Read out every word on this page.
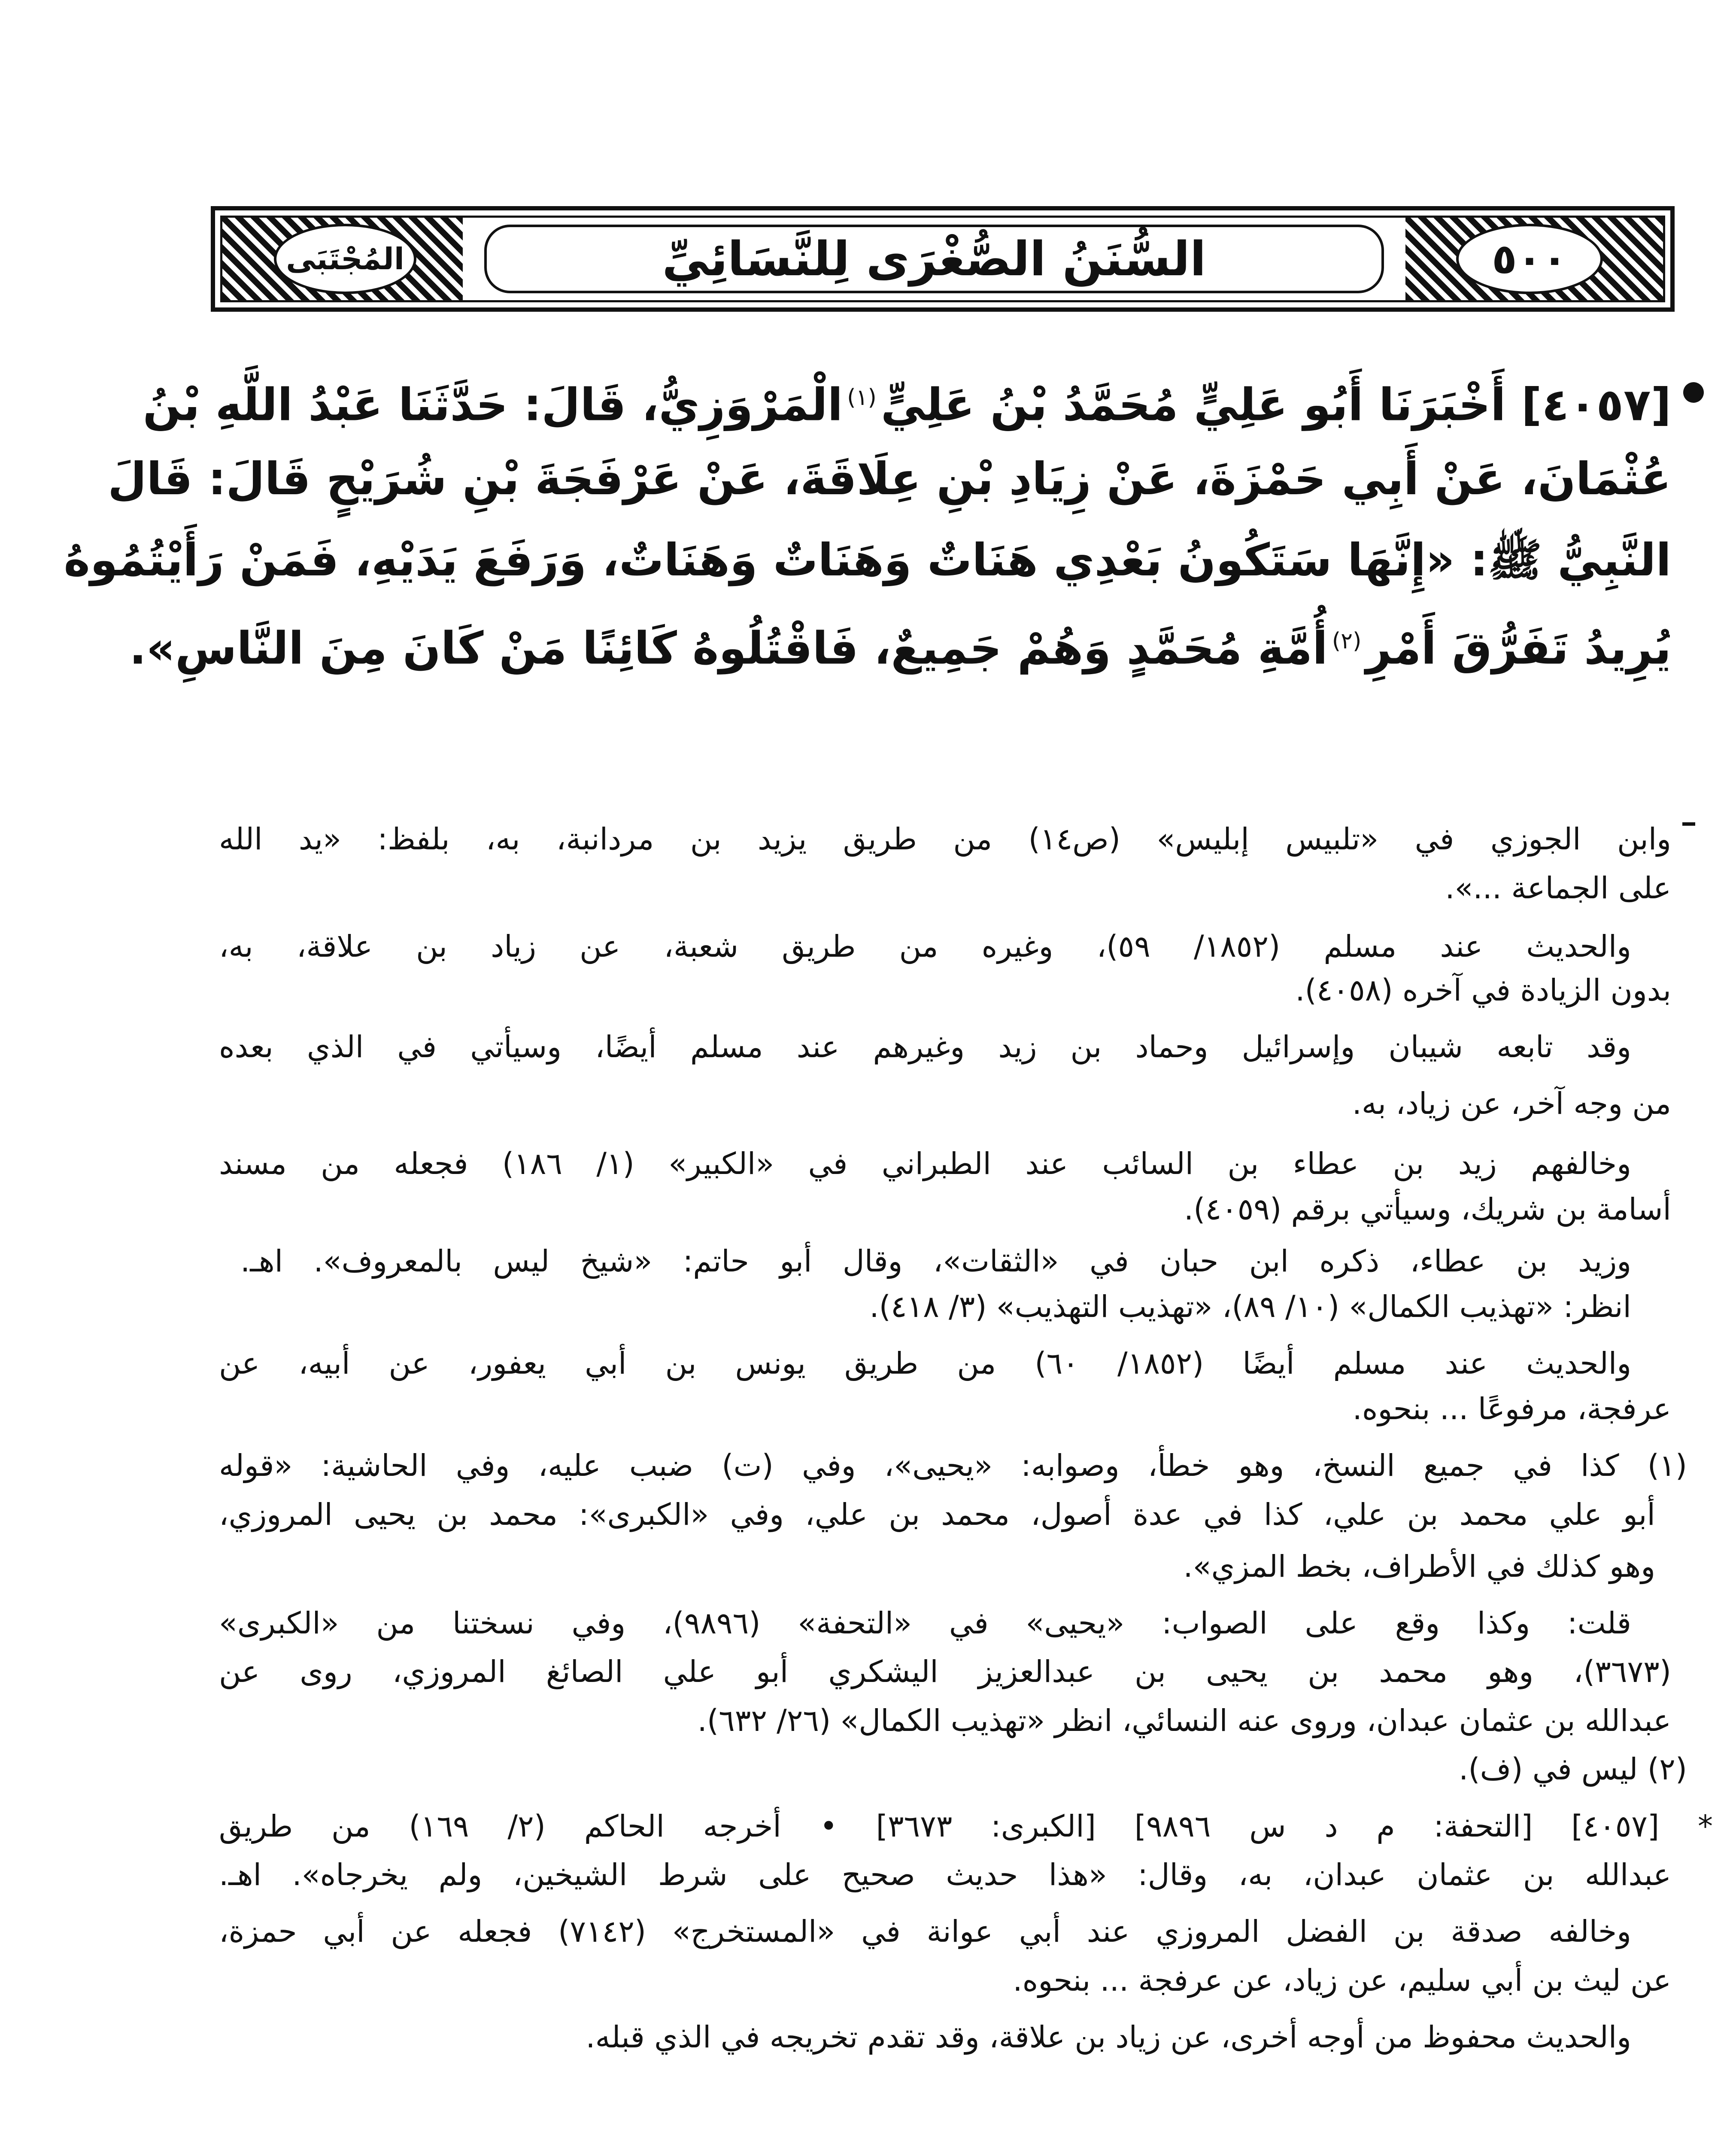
المُجْتَبَى	السُّنَنُ الصُّغْرَى لِلنَّسَائِيِّ	٥٠٠
[٤٠٥٧] أَخْبَرَنَا أَبُو عَلِيٍّ مُحَمَّدُ بْنُ عَلِيٍّ$^{(١)}$الْمَرْوَزِيُّ، قَالَ: حَدَّثَنَا عَبْدُ اللَّهِ بْنُ
عُثْمَانَ، عَنْ أَبِي حَمْزَةَ، عَنْ زِيَادِ بْنِ عِلَاقَةَ، عَنْ عَرْفَجَةَ بْنِ شُرَيْحٍ قَالَ: قَالَ
النَّبِيُّ ﷺ: «إِنَّهَا سَتَكُونُ بَعْدِي هَنَاتٌ وَهَنَاتٌ وَهَنَاتٌ، وَرَفَعَ يَدَيْهِ، فَمَنْ رَأَيْتُمُوهُ
يُرِيدُ تَفَرُّقَ أَمْرِ$^{(٢)}$أُمَّةِ مُحَمَّدٍ وَهُمْ جَمِيعٌ، فَاقْتُلُوهُ كَائِنًا مَنْ كَانَ مِنَ النَّاسِ».
وابن الجوزي في «تلبيس إبليس» (ص١٤) من طريق يزيد بن مردانبة، به، بلفظ: «يد الله
على الجماعة ...».
والحديث عند مسلم (١٨٥٢/ ٥٩)، وغيره من طريق شعبة، عن زياد بن علاقة، به،
بدون الزيادة في آخره (٤٠٥٨).
وقد تابعه شيبان وإسرائيل وحماد بن زيد وغيرهم عند مسلم أيضًا، وسيأتي في الذي بعده
من وجه آخر، عن زياد، به.
وخالفهم زيد بن عطاء بن السائب عند الطبراني في «الكبير» (١/ ١٨٦) فجعله من مسند
أسامة بن شريك، وسيأتي برقم (٤٠٥٩).
وزيد بن عطاء، ذكره ابن حبان في «الثقات»، وقال أبو حاتم: «شيخ ليس بالمعروف». اهـ.
انظر: «تهذيب الكمال» (١٠/ ٨٩)، «تهذيب التهذيب» (٣/ ٤١٨).
والحديث عند مسلم أيضًا (١٨٥٢/ ٦٠) من طريق يونس بن أبي يعفور، عن أبيه، عن
عرفجة، مرفوعًا ... بنحوه.
(١) كذا في جميع النسخ، وهو خطأ، وصوابه: «يحيى»، وفي (ت) ضبب عليه، وفي الحاشية: «قوله
أبو علي محمد بن علي، كذا في عدة أصول، محمد بن علي، وفي «الكبرى»: محمد بن يحيى المروزي،
وهو كذلك في الأطراف، بخط المزي».
قلت: وكذا وقع على الصواب: «يحيى» في «التحفة» (٩٨٩٦)، وفي نسختنا من «الكبرى»
(٣٦٧٣)، وهو محمد بن يحيى بن عبدالعزيز اليشكري أبو علي الصائغ المروزي، روى عن
عبدالله بن عثمان عبدان، وروى عنه النسائي، انظر «تهذيب الكمال» (٢٦/ ٦٣٢).
(٢) ليس في (ف).
* [٤٠٥٧] [التحفة: م د س ٩٨٩٦] [الكبرى: ٣٦٧٣] • أخرجه الحاكم (٢/ ١٦٩) من طريق
عبدالله بن عثمان عبدان، به، وقال: «هذا حديث صحيح على شرط الشيخين، ولم يخرجاه». اهـ.
وخالفه صدقة بن الفضل المروزي عند أبي عوانة في «المستخرج» (٧١٤٢) فجعله عن أبي حمزة،
عن ليث بن أبي سليم، عن زياد، عن عرفجة ... بنحوه.
والحديث محفوظ من أوجه أخرى، عن زياد بن علاقة، وقد تقدم تخريجه في الذي قبله.
